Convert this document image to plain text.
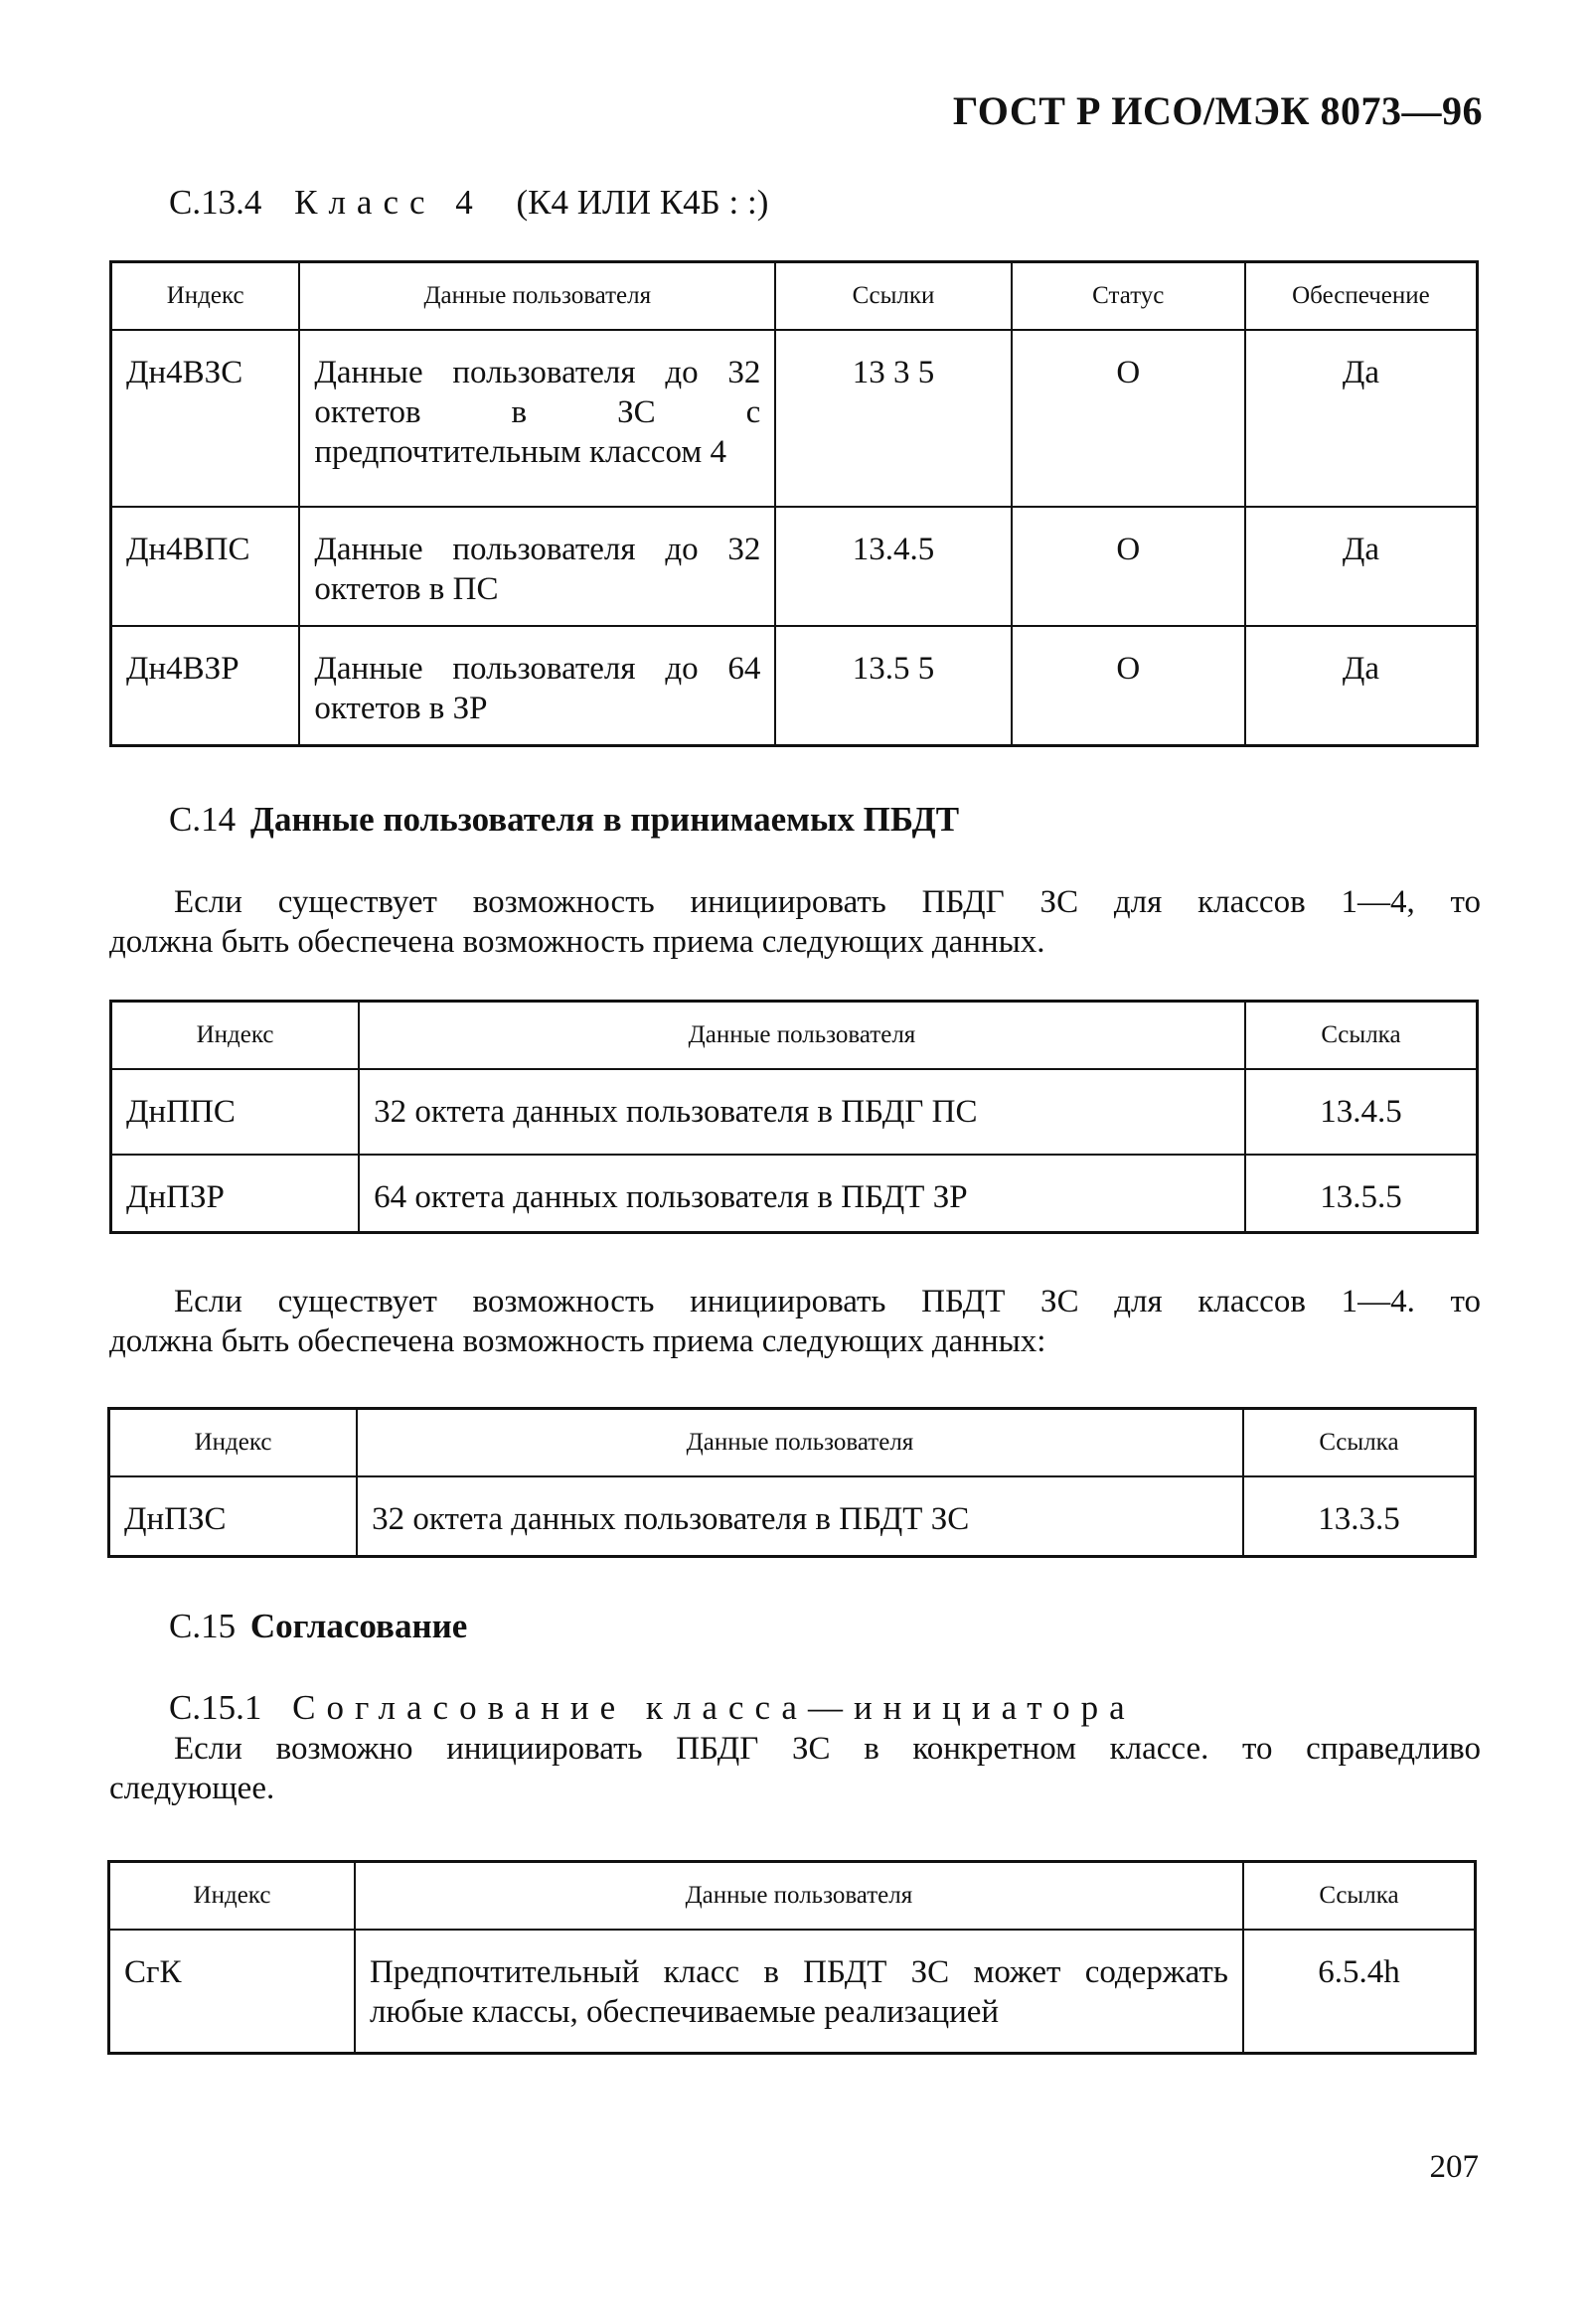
ГОСТ Р ИСО/МЭК 8073—96
С.13.4 Класс 4 (К4 ИЛИ К4Б : :)
Индекс	Данные пользователя	Ссылки	Статус	Обеспечение
Дн4ВЗС	Данные пользователя до 32 октетов в ЗС с предпочтительным классом 4	13 3 5	О	Да
Дн4ВПС	Данные пользователя до 32 октетов в ПС	13.4.5	О	Да
Дн4ВЗР	Данные пользователя до 64 октетов в ЗР	13.5 5	О	Да
С.14 Данные пользователя в принимаемых ПБДТ
Если существует возможность инициировать ПБДГ ЗС для классов 1—4, то
должна быть обеспечена возможность приема следующих данных.
Индекс	Данные пользователя	Ссылка
ДнППС	32 октета данных пользователя в ПБДГ ПС	13.4.5
ДнПЗР	64 октета данных пользователя в ПБДТ ЗР	13.5.5
Если существует возможность инициировать ПБДТ ЗС для классов 1—4. то
должна быть обеспечена возможность приема следующих данных:
Индекс	Данные пользователя	Ссылка
ДнПЗС	32 октета данных пользователя в ПБДТ ЗС	13.3.5
С.15 Согласование
С.15.1 Согласование класса—инициатора
Если возможно инициировать ПБДГ ЗС в конкретном классе. то справедливо
следующее.
Индекс	Данные пользователя	Ссылка
СгК	Предпочтительный класс в ПБДТ ЗС может содержать любые классы, обеспечиваемые реализацией	6.5.4h
207
